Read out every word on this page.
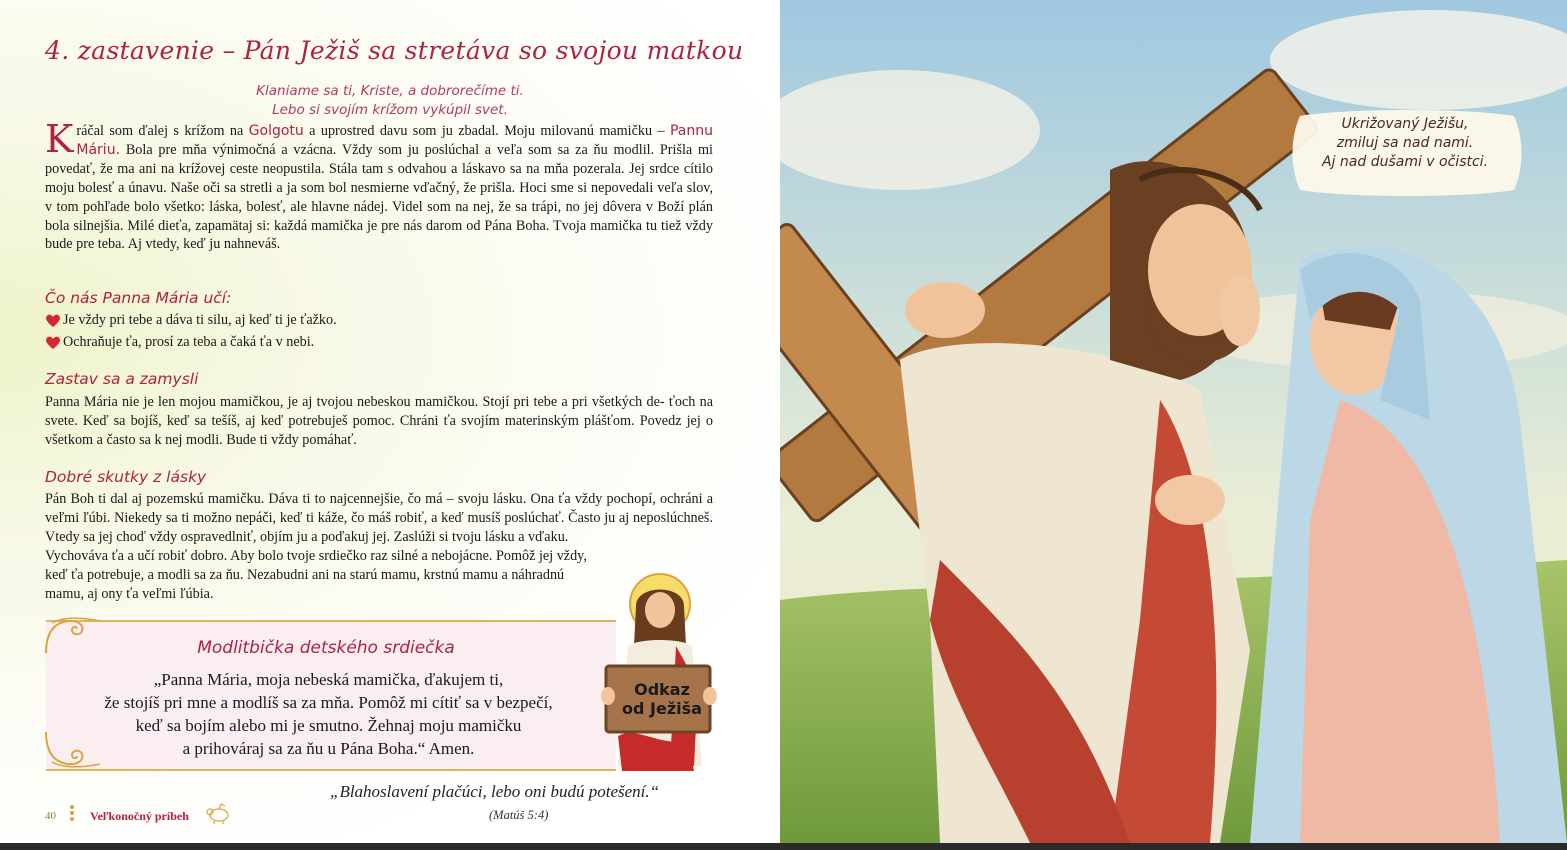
4. zastavenie – Pán Ježiš sa stretáva so svojou matkou
Klaniame sa ti, Kriste, a dobrorečíme ti.
Lebo si svojím krížom vykúpil svet.
Kráčal som ďalej s krížom na Golgotu a uprostred davu som ju zbadal. Moju milovanú mamičku – Pannu Máriu. Bola pre mňa výnimočná a vzácna. Vždy som ju poslúchal a veľa som sa za ňu modlil. Prišla mi povedať, že ma ani na krížovej ceste neopustila. Stála tam s odvahou a láskavo sa na mňa pozerala. Jej srdce cítilo moju bolesť a únavu. Naše oči sa stretli a ja som bol nesmierne vďačný, že prišla. Hoci sme si nepovedali veľa slov, v tom pohľade bolo všetko: láska, bolesť, ale hlavne nádej. Videl som na nej, že sa trápi, no jej dôvera v Boží plán bola silnejšia. Milé dieťa, zapamätaj si: každá mamička je pre nás darom od Pána Boha. Tvoja mamička tu tiež vždy bude pre teba. Aj vtedy, keď ju nahneváš.
Čo nás Panna Mária učí:
Je vždy pri tebe a dáva ti silu, aj keď ti je ťažko.
Ochraňuje ťa, prosí za teba a čaká ťa v nebi.
Zastav sa a zamysli
Panna Mária nie je len mojou mamičkou, je aj tvojou nebeskou mamičkou. Stojí pri tebe a pri všetkých de- ťoch na svete. Keď sa bojíš, keď sa tešíš, aj keď potrebuješ pomoc. Chráni ťa svojím materinským plášťom. Povedz jej o všetkom a často sa k nej modli. Bude ti vždy pomáhať.
Dobré skutky z lásky
Pán Boh ti dal aj pozemskú mamičku. Dáva ti to najcennejšie, čo má – svoju lásku. Ona ťa vždy pochopí, ochráni a veľmi ľúbi. Niekedy sa ti možno nepáči, keď ti káže, čo máš robiť, a keď musíš poslúchať. Často ju aj neposlúchneš. Vtedy sa jej choď vždy ospravedlniť, objím ju a poďakuj jej. Zaslúži si tvoju lásku a vďaku.
Vychováva ťa a učí robiť dobro. Aby bolo tvoje srdiečko raz silné a nebojácne. Pomôž jej vždy,
keď ťa potrebuje, a modli sa za ňu. Nezabudni ani na starú mamu, krstnú mamu a náhradnú
mamu, aj ony ťa veľmi ľúbia.
Modlitbička detského srdiečka
„Panna Mária, moja nebeská mamička, ďakujem ti,
že stojíš pri mne a modlíš sa za mňa. Pomôž mi cítiť sa v bezpečí,
keď sa bojím alebo mi je smutno. Žehnaj moju mamičku
a prihováraj sa za ňu u Pána Boha.“ Amen.
Odkaz
od Ježiša
„Blahoslavení plačúci, lebo oni budú potešení.“
(Matúš 5:4)
40	Veľkonočný príbeh
Ukrižovaný Ježišu,
zmiluj sa nad nami.
Aj nad dušami v očistci.
